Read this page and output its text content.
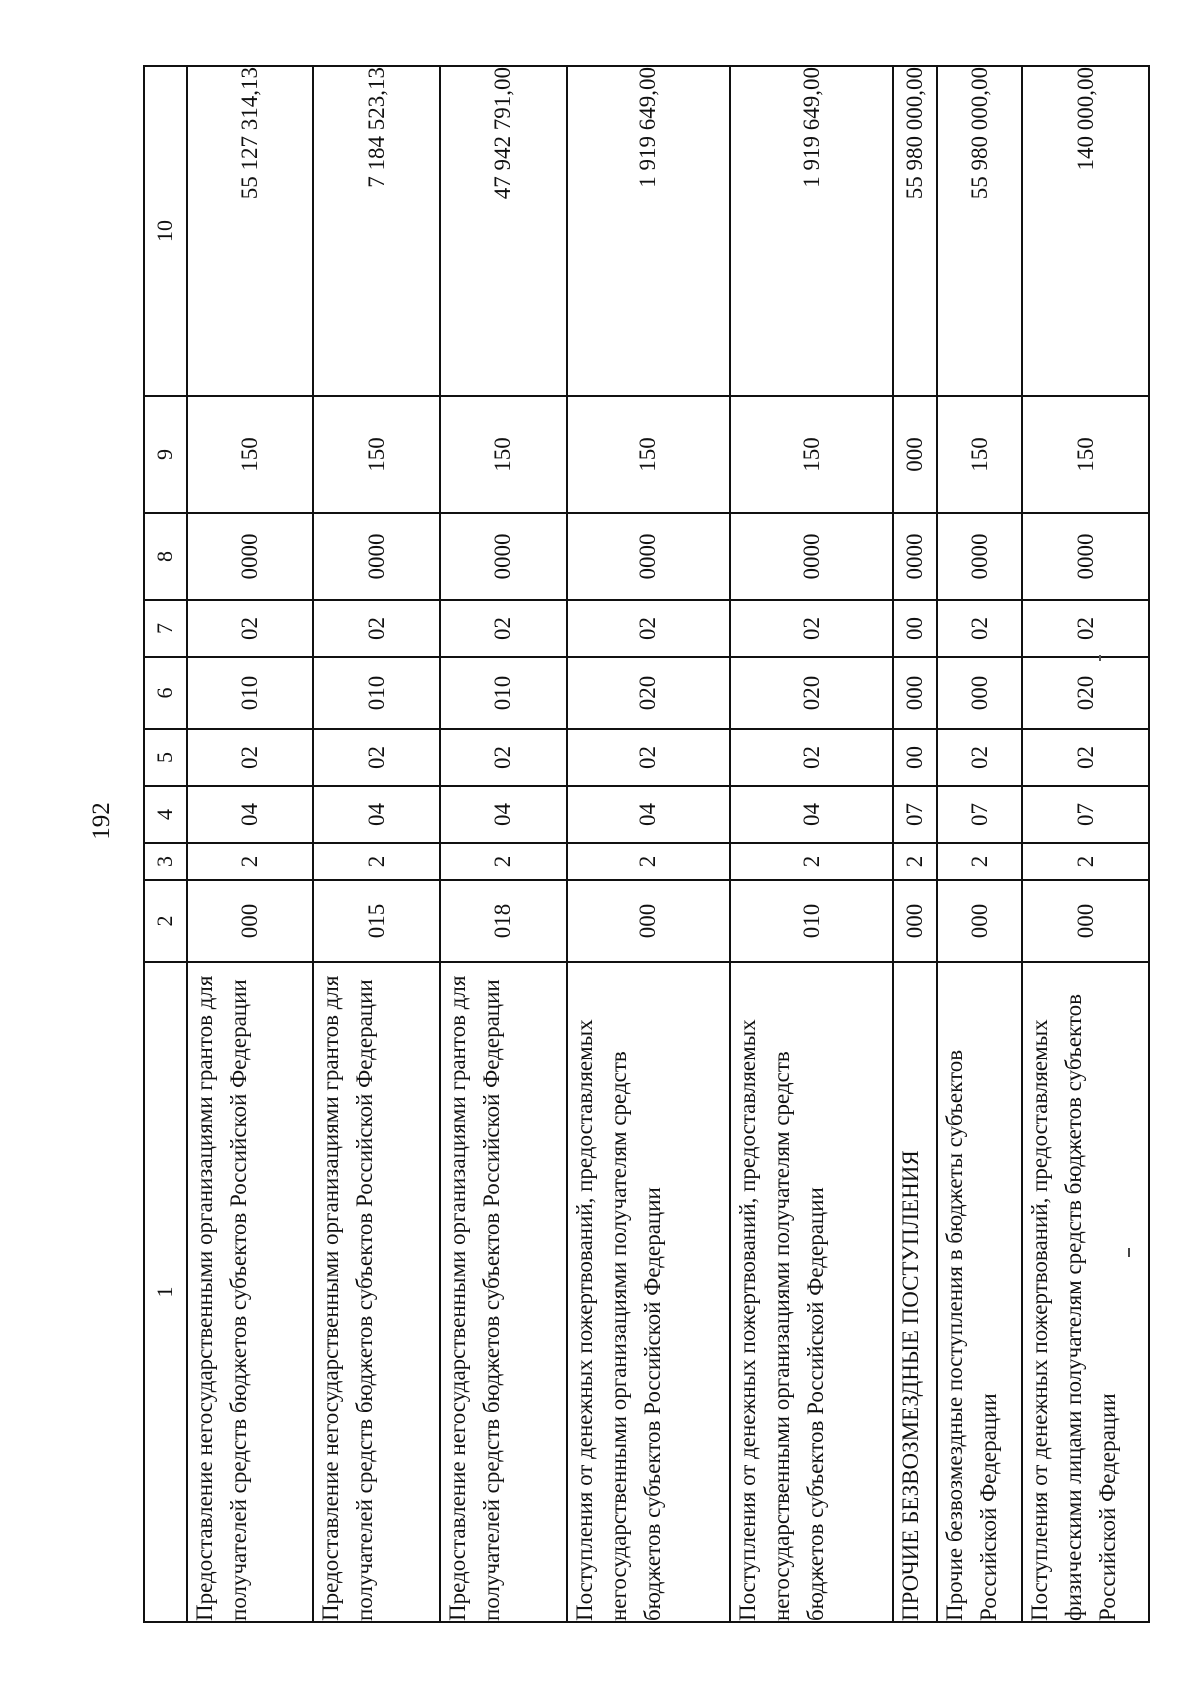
192
1	2	3	4	5	6	7	8	9	10
Предоставление негосударственными организациями грантов для получателей средств бюджетов субъектов Российской Федерации	000	2	04	02	010	02	0000	150	55 127 314,13
Предоставление негосударственными организациями грантов для получателей средств бюджетов субъектов Российской Федерации	015	2	04	02	010	02	0000	150	7 184 523,13
Предоставление негосударственными организациями грантов для получателей средств бюджетов субъектов Российской Федерации	018	2	04	02	010	02	0000	150	47 942 791,00
Поступления от денежных пожертвований, предоставляемых негосударственными организациями получателям средств бюджетов субъектов Российской Федерации	000	2	04	02	020	02	0000	150	1 919 649,00
Поступления от денежных пожертвований, предоставляемых негосударственными организациями получателям средств бюджетов субъектов Российской Федерации	010	2	04	02	020	02	0000	150	1 919 649,00
ПРОЧИЕ БЕЗВОЗМЕЗДНЫЕ ПОСТУПЛЕНИЯ	000	2	07	00	000	00	0000	000	55 980 000,00
Прочие безвозмездные поступления в бюджеты субъектов Российской Федерации	000	2	07	02	000	02	0000	150	55 980 000,00
Поступления от денежных пожертвований, предоставляемых физическими лицами получателям средств бюджетов субъектов Российской Федерации	000	2	07	02	020	02	0000	150	140 000,00
